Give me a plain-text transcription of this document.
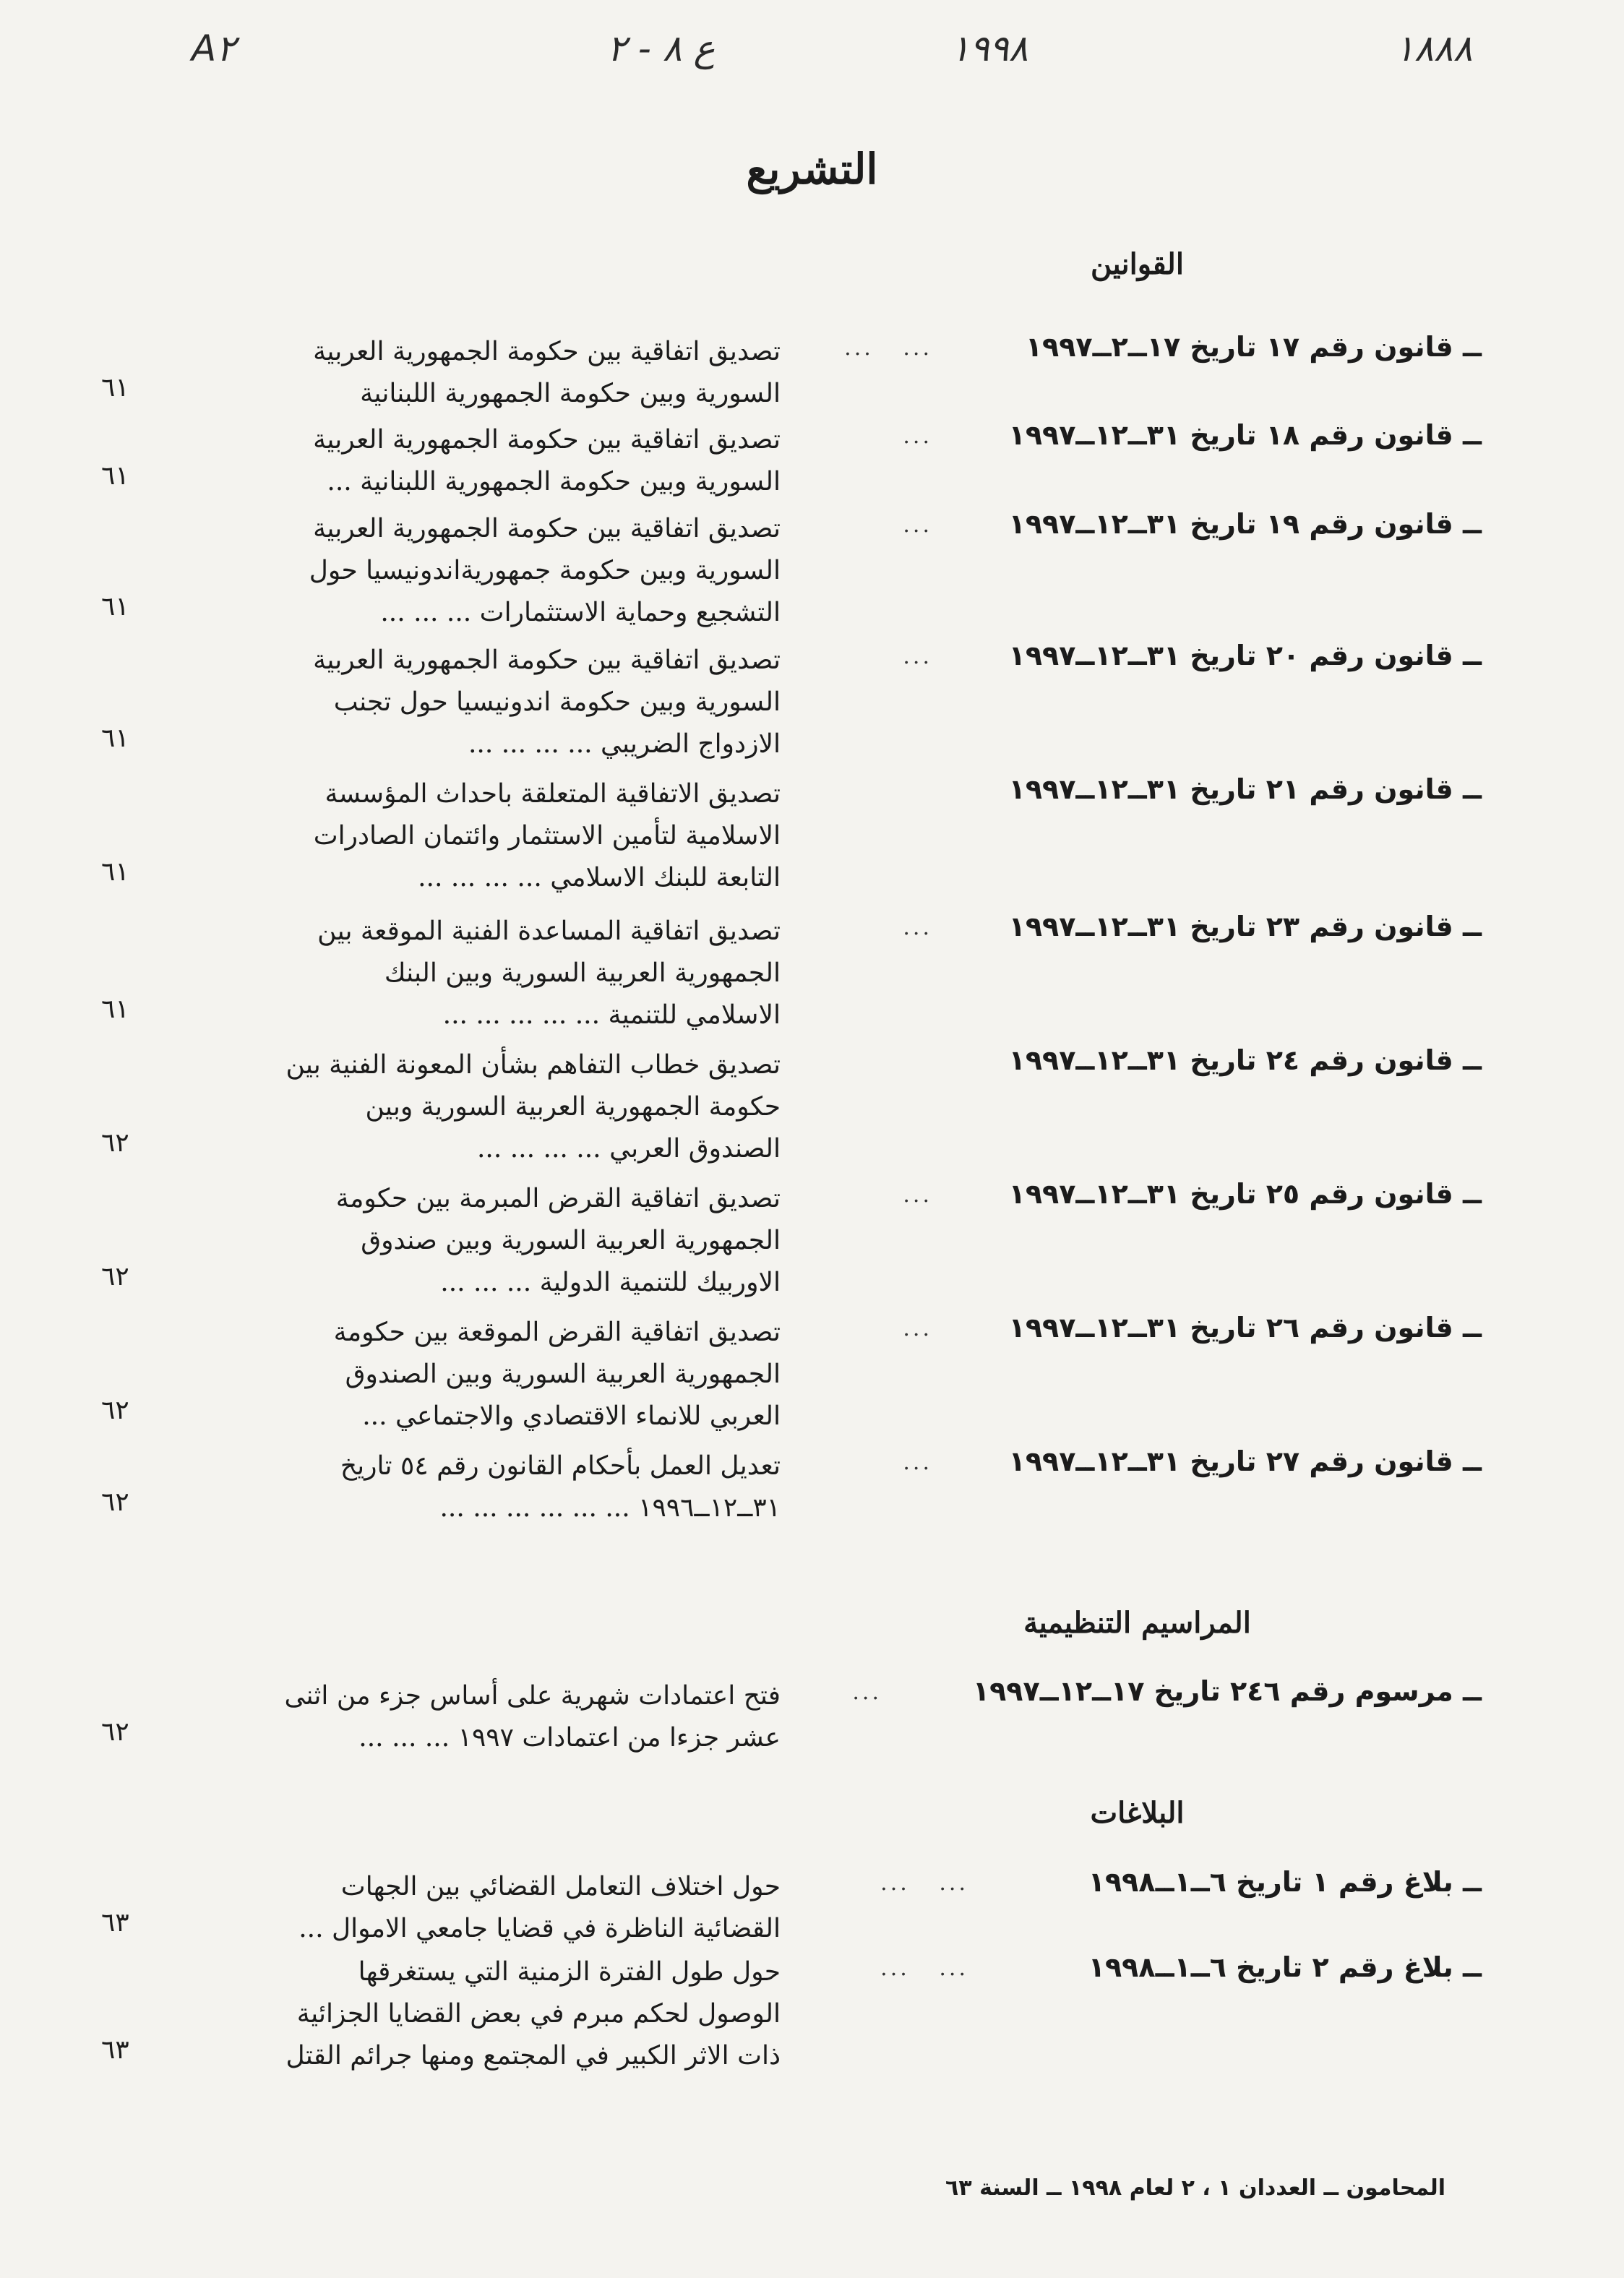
١٨٨٨
١٩٩٨
ع ٨ - ٢
A٢
التشريع
القوانين
المراسيم التنظيمية
البلاغات
ــ قانون رقم ١٧ تاريخ ١٧ــ٢ــ١٩٩٧
...   ...
تصديق اتفاقية بين حكومة الجمهورية العربية
السورية وبين حكومة الجمهورية اللبنانية
٦١
ــ قانون رقم ١٨ تاريخ ٣١ــ١٢ــ١٩٩٧
...
تصديق اتفاقية بين حكومة الجمهورية العربية
السورية وبين حكومة الجمهورية اللبنانية ...
٦١
ــ قانون رقم ١٩ تاريخ ٣١ــ١٢ــ١٩٩٧
...
تصديق اتفاقية بين حكومة الجمهورية العربية
السورية وبين حكومة جمهوريةاندونيسيا حول
التشجيع وحماية الاستثمارات ... ... ...
٦١
ــ قانون رقم ٢٠ تاريخ ٣١ــ١٢ــ١٩٩٧
...
تصديق اتفاقية بين حكومة الجمهورية العربية
السورية وبين حكومة اندونيسيا حول تجنب
الازدواج الضريبي ... ... ... ...
٦١
ــ قانون رقم ٢١ تاريخ ٣١ــ١٢ــ١٩٩٧
تصديق الاتفاقية المتعلقة باحداث المؤسسة
الاسلامية لتأمين الاستثمار وائتمان الصادرات
التابعة للبنك الاسلامي ... ... ... ...
٦١
ــ قانون رقم ٢٣ تاريخ ٣١ــ١٢ــ١٩٩٧
...
تصديق اتفاقية المساعدة الفنية الموقعة بين
الجمهورية العربية السورية وبين البنك
الاسلامي للتنمية ... ... ... ... ...
٦١
ــ قانون رقم ٢٤ تاريخ ٣١ــ١٢ــ١٩٩٧
تصديق خطاب التفاهم بشأن المعونة الفنية بين
حكومة الجمهورية العربية السورية وبين
الصندوق العربي ... ... ... ...
٦٢
ــ قانون رقم ٢٥ تاريخ ٣١ــ١٢ــ١٩٩٧
...
تصديق اتفاقية القرض المبرمة بين حكومة
الجمهورية العربية السورية وبين صندوق
الاوربيك للتنمية الدولية ... ... ...
٦٢
ــ قانون رقم ٢٦ تاريخ ٣١ــ١٢ــ١٩٩٧
...
تصديق اتفاقية القرض الموقعة بين حكومة
الجمهورية العربية السورية وبين الصندوق
العربي للانماء الاقتصادي والاجتماعي ...
٦٢
ــ قانون رقم ٢٧ تاريخ ٣١ــ١٢ــ١٩٩٧
...
تعديل العمل بأحكام القانون رقم ٥٤ تاريخ
٣١ــ١٢ــ١٩٩٦ ... ... ... ... ... ...
٦٢
ــ مرسوم رقم ٢٤٦ تاريخ ١٧ــ١٢ــ١٩٩٧
...
فتح اعتمادات شهرية على أساس جزء من اثنى
عشر جزءا من اعتمادات ١٩٩٧ ... ... ...
٦٢
ــ بلاغ رقم ١ تاريخ ٦ــ١ــ١٩٩٨
...   ...
حول اختلاف التعامل القضائي بين الجهات
القضائية الناظرة في قضايا جامعي الاموال ...
٦٣
ــ بلاغ رقم ٢ تاريخ ٦ــ١ــ١٩٩٨
...   ...
حول طول الفترة الزمنية التي يستغرقها
الوصول لحكم مبرم في بعض القضايا الجزائية
ذات الاثر الكبير في المجتمع ومنها جرائم القتل
٦٣
المحامون ــ العددان ١ ، ٢ لعام ١٩٩٨ ــ السنة ٦٣
